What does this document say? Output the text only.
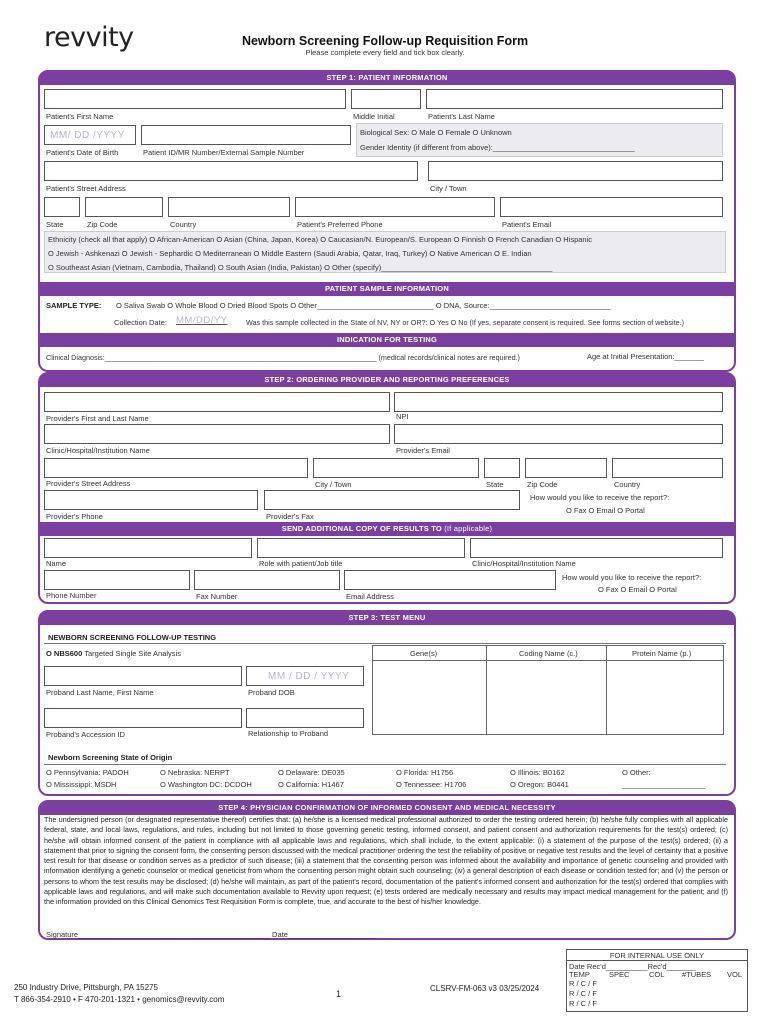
revvity	Newborn Screening Follow-up Requisition Form
Please complete every field and tick box clearly.
STEP 1: PATIENT INFORMATION
Patient's First Name	Middle Initial	Patient's Last Name
MM/ DD /YYYY
Patient's Date of Birth	Patient ID/MR Number/External Sample Number
Biological Sex: O Male O Female O Unknown
Gender Identity (if different from above):__________________________________
Patient's Street Address	City / Town
State	Zip Code	Country	Patient's Preferred Phone	Patient's Email
Ethnicity (check all that apply) O African-American O Asian (China, Japan, Korea) O Caucasian/N. European/S. European O Finnish O French Canadian O Hispanic
O Jewish - Ashkenazi O Jewish - Sephardic O Mediterranean O Middle Eastern (Saudi Arabia, Qatar, Iraq, Turkey) O Native American O E. Indian
O Southeast Asian (Vietnam, Cambodia, Thailand) O South Asian (India, Pakistan) O Other (specify)_________________________________________
PATIENT SAMPLE INFORMATION
SAMPLE TYPE: O Saliva Swab O Whole Blood O Dried Blood Spots O Other____________________________ O DNA, Source:_____________________________
Collection Date: MM/DD/YY	Was this sample collected in the State of NV, NY or OR?: O Yes O No (If yes, separate consent is required. See forms section of website.)
INDICATION FOR TESTING
Clinical Diagnosis:____________________________________________________________________ (medical records/clinical notes are required.)	Age at Initial Presentation:_______
STEP 2: ORDERING PROVIDER AND REPORTING PREFERENCES
Provider's First and Last Name	NPI
Clinic/Hospital/Institution Name	Provider's Email
Provider's Street Address	City / Town	State	Zip Code	Country
How would you like to receive the report?:
O Fax O Email O Portal
Provider's Phone	Provider's Fax
SEND ADDITIONAL COPY OF RESULTS TO (If applicable)
Name	Role with patient/Job title	Clinic/Hospital/Institution Name
How would you like to receive the report?:
O Fax O Email O Portal
Phone Number	Fax Number	Email Address
STEP 3: TEST MENU
NEWBORN SCREENING FOLLOW-UP TESTING
O NBS600 Targeted Single Site Analysis	Gene(s)	Coding Name (c.)	Protein Name (p.)
MM / DD / YYYY
Proband Last Name, First Name	Proband DOB
Proband's Accession ID	Relationship to Proband
Newborn Screening State of Origin
O Pennsylvania: PADOH	O Nebraska: NERPT	O Delaware: DE035	O Florida: H1756	O Illinois: B0162	O Other:
O Mississippi: MSDH	O Washington DC: DCDOH	O California: H1467	O Tennessee: H1706	O Oregon: B0441	____________________
STEP 4: PHYSICIAN CONFIRMATION OF INFORMED CONSENT AND MEDICAL NECESSITY
The undersigned person (or designated representative thereof) certifies that: (a) he/she is a licensed medical professional authorized to order the testing ordered herein; (b) he/she fully complies with all applicable federal, state, and local laws, regulations, and rules, including but not limited to those governing genetic testing, informed consent, and patient consent and authorization requirements for the test(s) ordered; (c) he/she will obtain informed consent of the patient in compliance with all applicable laws and regulations, which shall include, to the extent applicable: (i) a statement of the purpose of the test(s) ordered; (ii) a statement that prior to signing the consent form, the consenting person discussed with the medical practitioner ordering the test the reliability of positive or negative test results and the level of certainty that a positive test result for that disease or condition serves as a predictor of such disease; (iii) a statement that the consenting person was informed about the availability and importance of genetic counseling and provided with information identifying a genetic counselor or medical geneticist from whom the consenting person might obtain such counseling; (iv) a general description of each disease or condition tested for; and (v) the person or persons to whom the test results may be disclosed; (d) he/she will maintain, as part of the patient's record, documentation of the patient's informed consent and authorization for the test(s) ordered that complies with applicable laws and regulations, and will make such documentation available to Revvity upon request; (e) tests ordered are medically necessary and results may impact medical management for the patient; and (f) the information provided on this Clinical Genomics Test Requisition Form is complete, true, and accurate to the best of his/her knowledge.
Signature______________________________________________ Date_____________________
250 Industry Drive, Pittsburgh, PA 15275
T 866-354-2910 • F 470-201-1321 • genomics@revvity.com
1
CLSRV-FM-063 v3 03/25/2024
FOR INTERNAL USE ONLY
Date Rec'd__________Rec'd_______
TEMP	SPEC	COL #TUBES VOL
R / C / F
R / C / F
R / C / F
